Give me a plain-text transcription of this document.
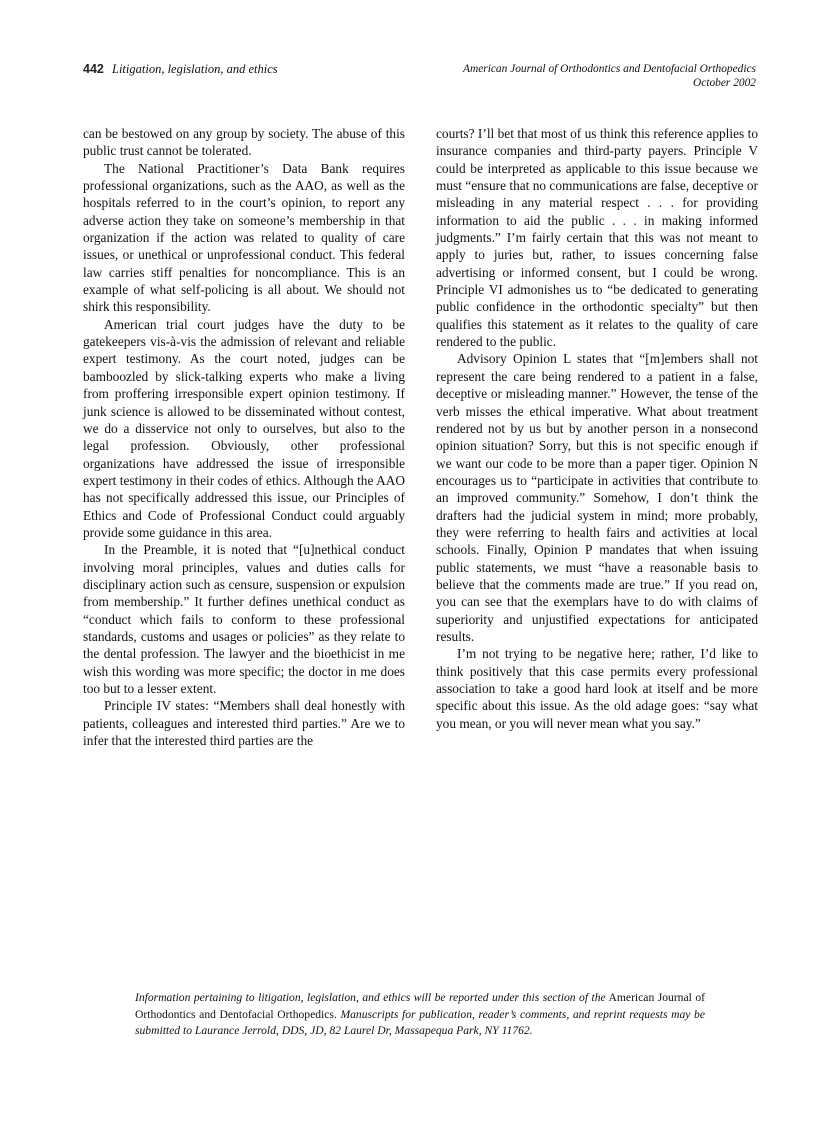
442 Litigation, legislation, and ethics	American Journal of Orthodontics and Dentofacial Orthopedics
October 2002

can be bestowed on any group by society. The abuse of this public trust cannot be tolerated.

The National Practitioner’s Data Bank requires professional organizations, such as the AAO, as well as the hospitals referred to in the court’s opinion, to report any adverse action they take on someone’s membership in that organization if the action was related to quality of care issues, or unethical or unprofessional conduct. This federal law carries stiff penalties for noncompliance. This is an example of what self-policing is all about. We should not shirk this responsibility.

American trial court judges have the duty to be gatekeepers vis-à-vis the admission of relevant and reliable expert testimony. As the court noted, judges can be bamboozled by slick-talking experts who make a living from proffering irresponsible expert opinion testimony. If junk science is allowed to be disseminated without contest, we do a disservice not only to ourselves, but also to the legal profession. Obviously, other professional organizations have addressed the issue of irresponsible expert testimony in their codes of ethics. Although the AAO has not specifically addressed this issue, our Principles of Ethics and Code of Professional Conduct could arguably provide some guidance in this area.

In the Preamble, it is noted that “[u]nethical conduct involving moral principles, values and duties calls for disciplinary action such as censure, suspension or expulsion from membership.” It further defines unethical conduct as “conduct which fails to conform to these professional standards, customs and usages or policies” as they relate to the dental profession. The lawyer and the bioethicist in me wish this wording was more specific; the doctor in me does too but to a lesser extent.

Principle IV states: “Members shall deal honestly with patients, colleagues and interested third parties.” Are we to infer that the interested third parties are the

courts? I’ll bet that most of us think this reference applies to insurance companies and third-party payers. Principle V could be interpreted as applicable to this issue because we must “ensure that no communications are false, deceptive or misleading in any material respect . . . for providing information to aid the public . . . in making informed judgments.” I’m fairly certain that this was not meant to apply to juries but, rather, to issues concerning false advertising or informed consent, but I could be wrong. Principle VI admonishes us to “be dedicated to generating public confidence in the orthodontic specialty” but then qualifies this statement as it relates to the quality of care rendered to the public.

Advisory Opinion L states that “[m]embers shall not represent the care being rendered to a patient in a false, deceptive or misleading manner.” However, the tense of the verb misses the ethical imperative. What about treatment rendered not by us but by another person in a nonsecond opinion situation? Sorry, but this is not specific enough if we want our code to be more than a paper tiger. Opinion N encourages us to “participate in activities that contribute to an improved community.” Somehow, I don’t think the drafters had the judicial system in mind; more probably, they were referring to health fairs and activities at local schools. Finally, Opinion P mandates that when issuing public statements, we must “have a reasonable basis to believe that the comments made are true.” If you read on, you can see that the exemplars have to do with claims of superiority and unjustified expectations for anticipated results.

I’m not trying to be negative here; rather, I’d like to think positively that this case permits every professional association to take a good hard look at itself and be more specific about this issue. As the old adage goes: “say what you mean, or you will never mean what you say.”

Information pertaining to litigation, legislation, and ethics will be reported under this section of the American Journal of Orthodontics and Dentofacial Orthopedics. Manuscripts for publication, reader’s comments, and reprint requests may be submitted to Laurance Jerrold, DDS, JD, 82 Laurel Dr, Massapequa Park, NY 11762.
